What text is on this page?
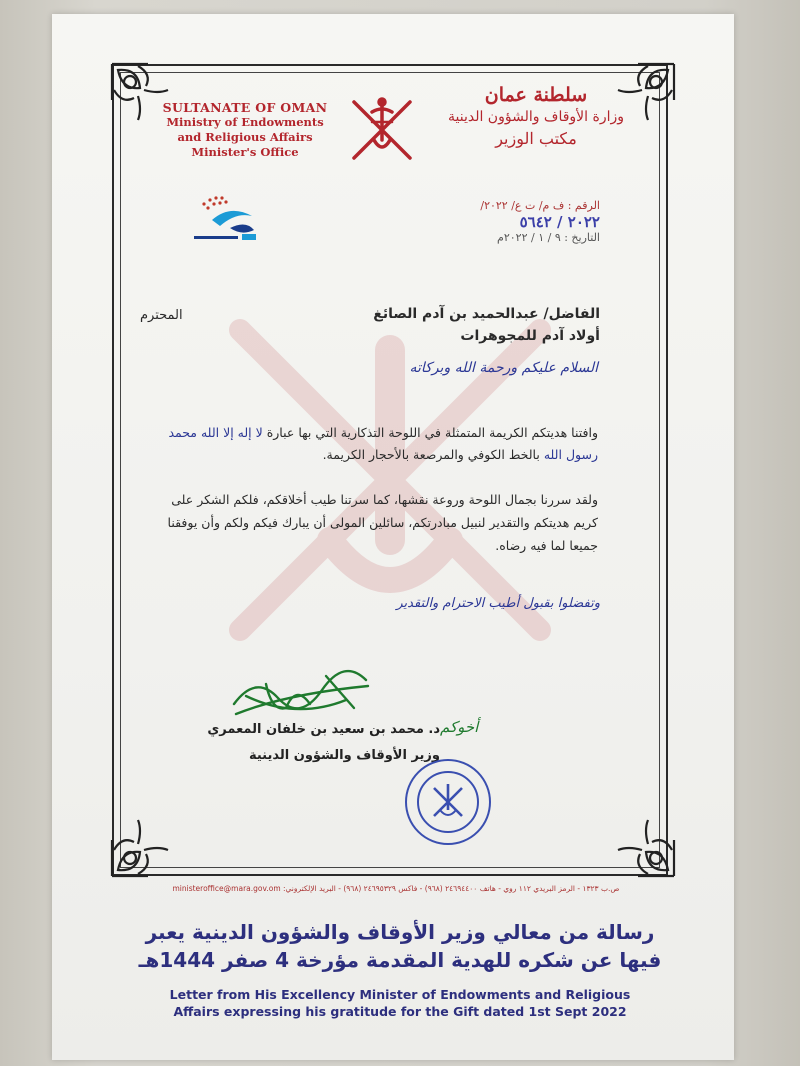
SULTANATE OF OMAN
Ministry of Endowments
and Religious Affairs
Minister's Office
سلطنة عمان
وزارة الأوقاف والشؤون الدينية
مكتب الوزير
الرقم : ف م/ ت ع/ ٢٠٢٢/
٢٠٢٢ / ٥٦٤٢
التاريخ : ٩ / ١ / ٢٠٢٢م
الفاضل/ عبدالحميد بن آدم الصائغ
أولاد آدم للمجوهرات
المحترم
السلام عليكم ورحمة الله وبركاته
وافتنا هديتكم الكريمة المتمثلة في اللوحة التذكارية التي بها عبارة لا إله إلا الله محمد رسول الله بالخط الكوفي والمرصعة بالأحجار الكريمة.
ولقد سررنا بجمال اللوحة وروعة نقشها، كما سرتنا طيب أخلاقكم، فلكم الشكر على كريم هديتكم والتقدير لنبيل مبادرتكم، سائلين المولى أن يبارك فيكم ولكم وأن يوفقنا جميعا لما فيه رضاه.
وتفضلوا بقبول أطيب الاحترام والتقدير
أخوكم
د. محمد بن سعيد بن خلفان المعمري
وزير الأوقاف والشؤون الدينية
ص.ب ١٣٢٣ - الرمز البريدي ١١٢ روي - هاتف ٢٤٦٩٤٤٠٠ (٩٦٨) - فاكس ٢٤٦٩٥٣٢٩ (٩٦٨) - البريد الإلكتروني: ministeroffice@mara.gov.om
رسالة من معالي وزير الأوقاف والشؤون الدينية يعبر
فيها عن شكره للهدية المقدمة مؤرخة 4 صفر 1444هـ
Letter from His Excellency Minister of Endowments and Religious
Affairs expressing his gratitude for the Gift dated 1st Sept 2022
